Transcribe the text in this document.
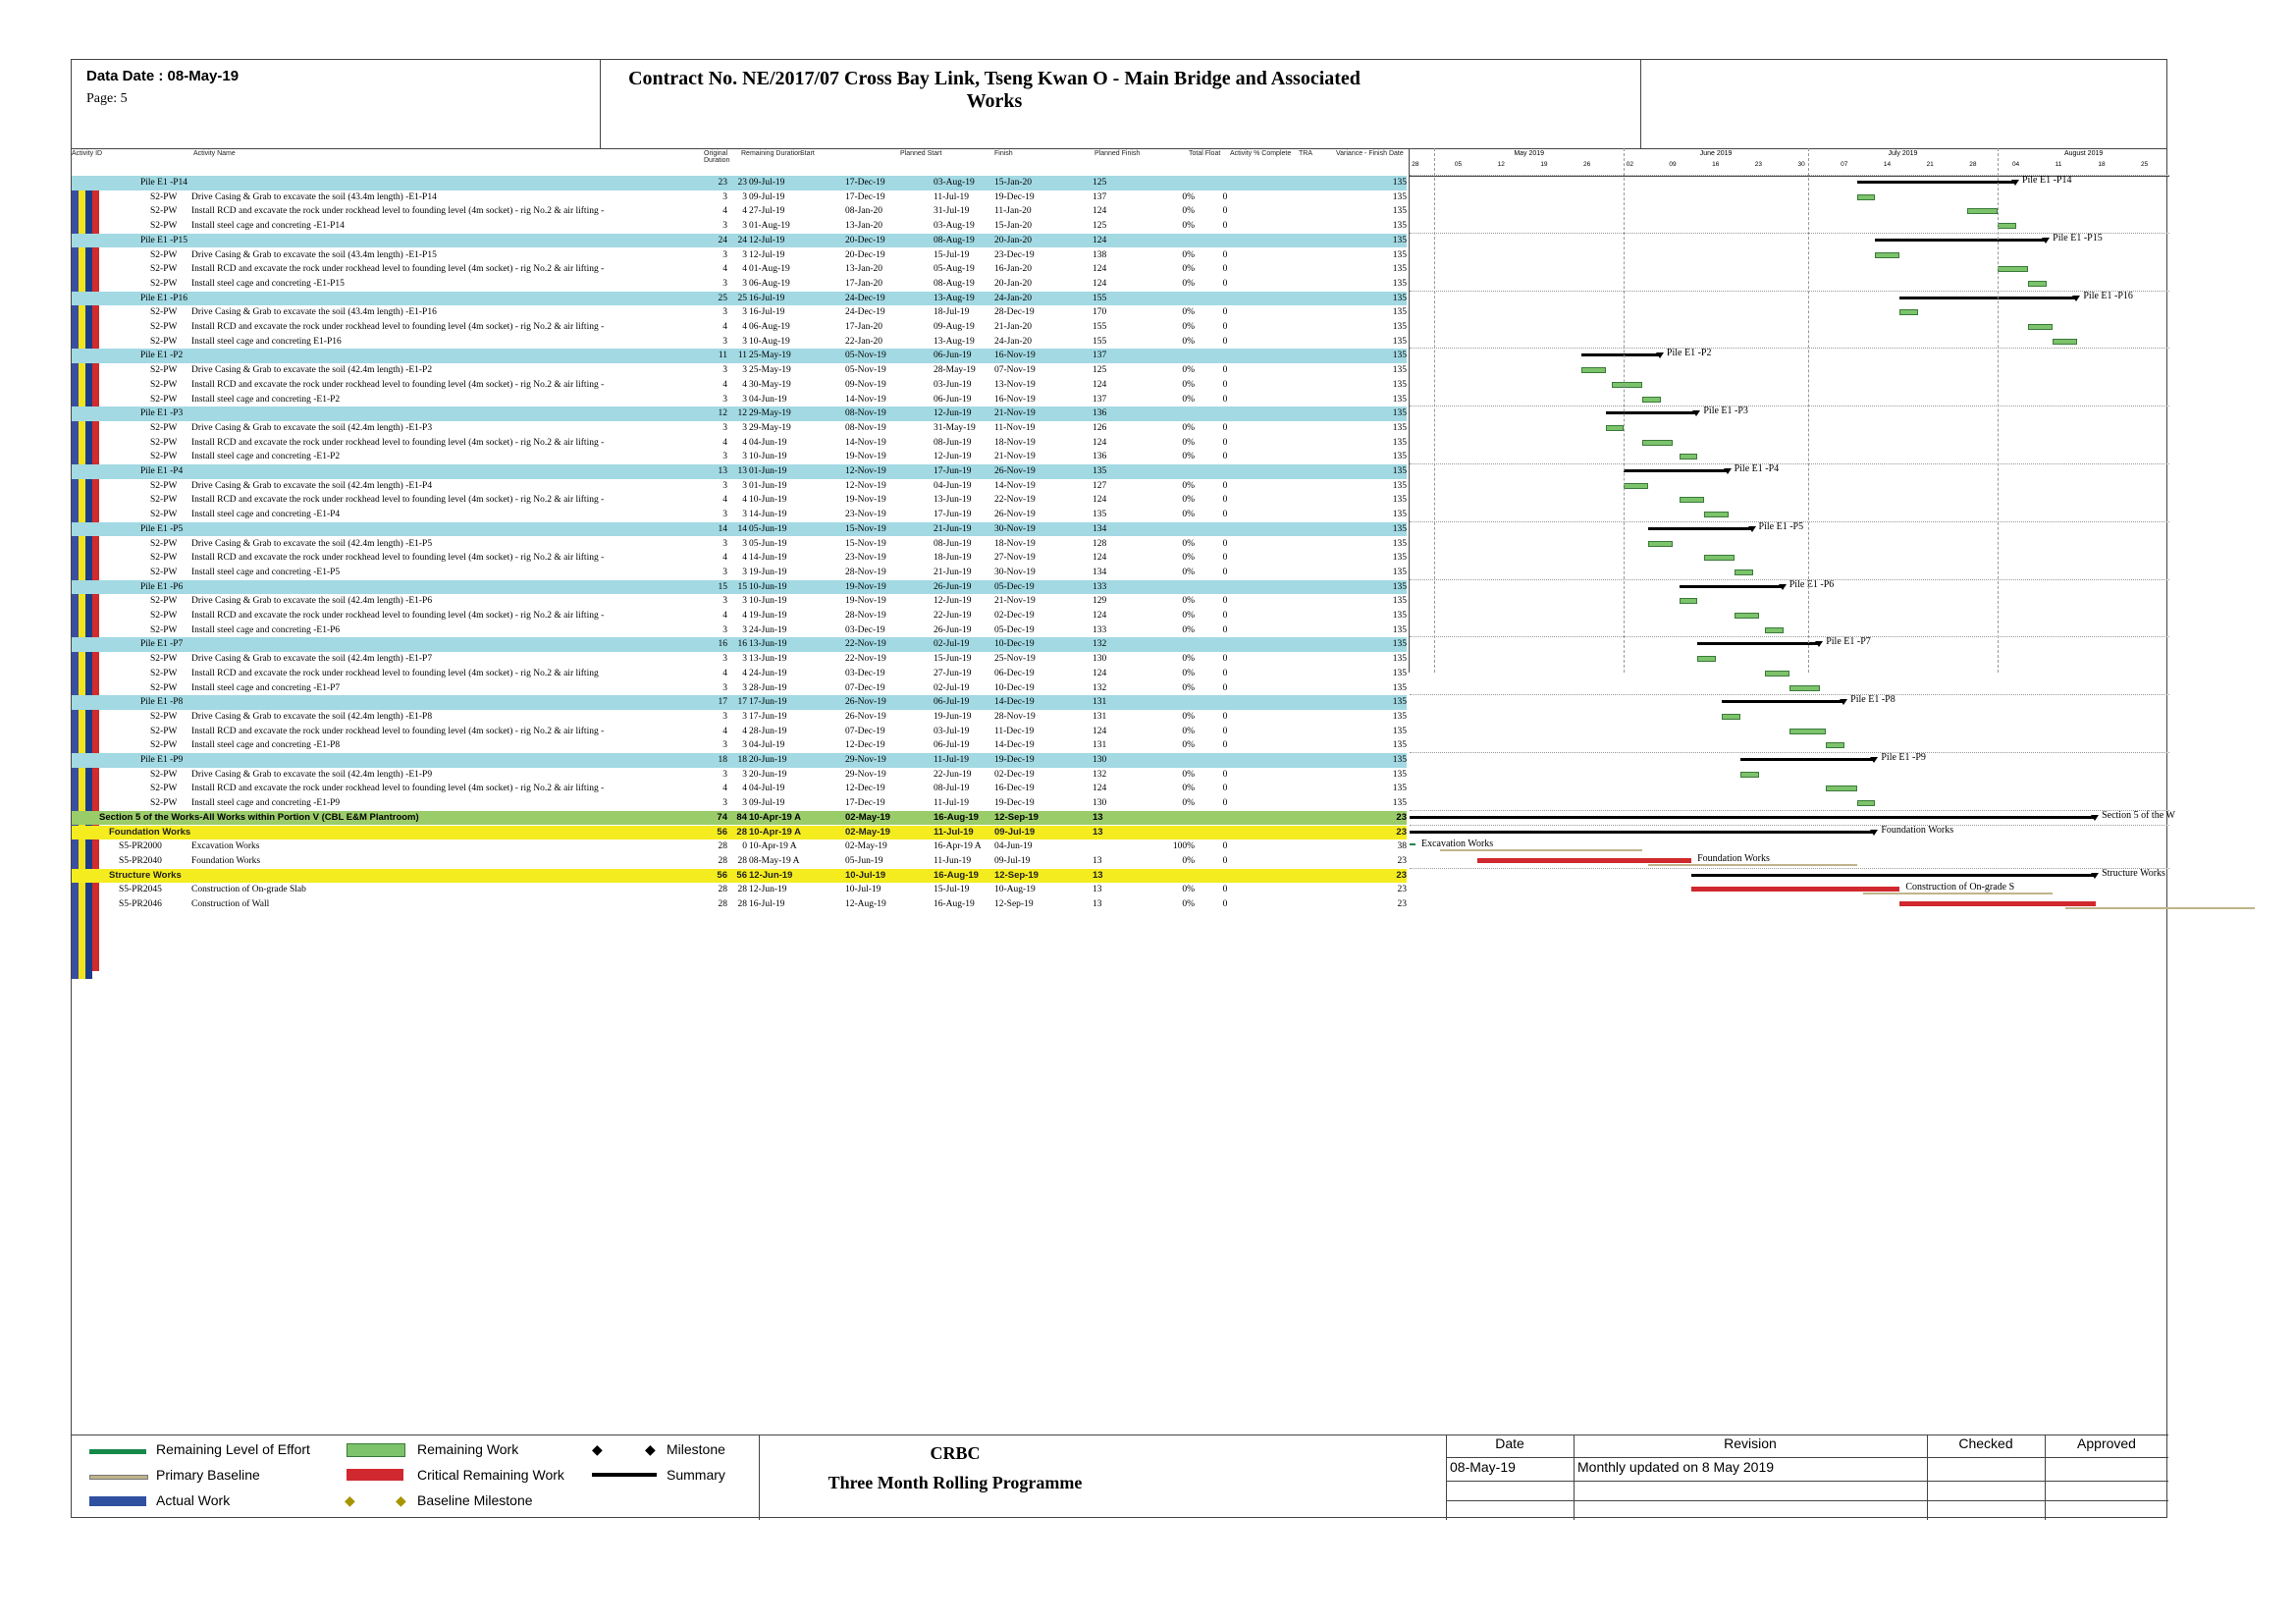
Data Date : 08-May-19
Page: 5
Contract No. NE/2017/07 Cross Bay Link, Tseng Kwan O - Main Bridge and Associated Works
Activity ID	Activity Name	Original Duration
Remaining Duration
Start	Planned Start	Finish	Planned Finish	Total Float Activity % Complete TRA	Variance - Finish Date
Pile E1 -P14	23	23 09-Jul-19	17-Dec-19	03-Aug-19	15-Jan-20	125	135
S2-PW Drive Casing & Grab to excavate the soil (43.4m length) -E1-P14	3	3 09-Jul-19	17-Dec-19	11-Jul-19	19-Dec-19	137	0%	0	135
S2-PW Install RCD and excavate the rock under rockhead level to founding level (4m socket) - rig No.2 & air lifting -	4	4 27-Jul-19	08-Jan-20	31-Jul-19	11-Jan-20	124	0%	0	135
S2-PW Install steel cage and concreting -E1-P14	3	3 01-Aug-19	13-Jan-20	03-Aug-19	15-Jan-20	125	0%	0	135
Pile E1 -P15	24	24 12-Jul-19	20-Dec-19	08-Aug-19	20-Jan-20	124	135
S2-PW Drive Casing & Grab to excavate the soil (43.4m length) -E1-P15	3	3 12-Jul-19	20-Dec-19	15-Jul-19	23-Dec-19	138	0%	0	135
S2-PW Install RCD and excavate the rock under rockhead level to founding level (4m socket) - rig No.2 & air lifting -	4	4 01-Aug-19	13-Jan-20	05-Aug-19	16-Jan-20	124	0%	0	135
S2-PW Install steel cage and concreting -E1-P15	3	3 06-Aug-19	17-Jan-20	08-Aug-19	20-Jan-20	124	0%	0	135
Pile E1 -P16	25	25 16-Jul-19	24-Dec-19	13-Aug-19	24-Jan-20	155	135
S2-PW Drive Casing & Grab to excavate the soil (43.4m length) -E1-P16	3	3 16-Jul-19	24-Dec-19	18-Jul-19	28-Dec-19	170	0%	0	135
S2-PW Install RCD and excavate the rock under rockhead level to founding level (4m socket) - rig No.2 & air lifting -	4	4 06-Aug-19	17-Jan-20	09-Aug-19	21-Jan-20	155	0%	0	135
S2-PW Install steel cage and concreting E1-P16	3	3 10-Aug-19	22-Jan-20	13-Aug-19	24-Jan-20	155	0%	0	135
Pile E1 -P2	11	11 25-May-19	05-Nov-19	06-Jun-19	16-Nov-19	137	135
S2-PW Drive Casing & Grab to excavate the soil (42.4m length) -E1-P2	3	3 25-May-19	05-Nov-19	28-May-19	07-Nov-19	125	0%	0	135
S2-PW Install RCD and excavate the rock under rockhead level to founding level (4m socket) - rig No.2 & air lifting -	4	4 30-May-19	09-Nov-19	03-Jun-19	13-Nov-19	124	0%	0	135
S2-PW Install steel cage and concreting -E1-P2	3	3 04-Jun-19	14-Nov-19	06-Jun-19	16-Nov-19	137	0%	0	135
Pile E1 -P3	12	12 29-May-19	08-Nov-19	12-Jun-19	21-Nov-19	136	135
S2-PW Drive Casing & Grab to excavate the soil (42.4m length) -E1-P3	3	3 29-May-19	08-Nov-19	31-May-19	11-Nov-19	126	0%	0	135
S2-PW Install RCD and excavate the rock under rockhead level to founding level (4m socket) - rig No.2 & air lifting -	4	4 04-Jun-19	14-Nov-19	08-Jun-19	18-Nov-19	124	0%	0	135
S2-PW Install steel cage and concreting -E1-P2	3	3 10-Jun-19	19-Nov-19	12-Jun-19	21-Nov-19	136	0%	0	135
Pile E1 -P4	13	13 01-Jun-19	12-Nov-19	17-Jun-19	26-Nov-19	135	135
S2-PW Drive Casing & Grab to excavate the soil (42.4m length) -E1-P4	3	3 01-Jun-19	12-Nov-19	04-Jun-19	14-Nov-19	127	0%	0	135
S2-PW Install RCD and excavate the rock under rockhead level to founding level (4m socket) - rig No.2 & air lifting -	4	4 10-Jun-19	19-Nov-19	13-Jun-19	22-Nov-19	124	0%	0	135
S2-PW Install steel cage and concreting -E1-P4	3	3 14-Jun-19	23-Nov-19	17-Jun-19	26-Nov-19	135	0%	0	135
Pile E1 -P5	14	14 05-Jun-19	15-Nov-19	21-Jun-19	30-Nov-19	134	135
S2-PW Drive Casing & Grab to excavate the soil (42.4m length) -E1-P5	3	3 05-Jun-19	15-Nov-19	08-Jun-19	18-Nov-19	128	0%	0	135
S2-PW Install RCD and excavate the rock under rockhead level to founding level (4m socket) - rig No.2 & air lifting -	4	4 14-Jun-19	23-Nov-19	18-Jun-19	27-Nov-19	124	0%	0	135
S2-PW Install steel cage and concreting -E1-P5	3	3 19-Jun-19	28-Nov-19	21-Jun-19	30-Nov-19	134	0%	0	135
Pile E1 -P6	15	15 10-Jun-19	19-Nov-19	26-Jun-19	05-Dec-19	133	135
S2-PW Drive Casing & Grab to excavate the soil (42.4m length) -E1-P6	3	3 10-Jun-19	19-Nov-19	12-Jun-19	21-Nov-19	129	0%	0	135
S2-PW Install RCD and excavate the rock under rockhead level to founding level (4m socket) - rig No.2 & air lifting -	4	4 19-Jun-19	28-Nov-19	22-Jun-19	02-Dec-19	124	0%	0	135
S2-PW Install steel cage and concreting -E1-P6	3	3 24-Jun-19	03-Dec-19	26-Jun-19	05-Dec-19	133	0%	0	135
Pile E1 -P7	16	16 13-Jun-19	22-Nov-19	02-Jul-19	10-Dec-19	132	135
S2-PW Drive Casing & Grab to excavate the soil (42.4m length) -E1-P7	3	3 13-Jun-19	22-Nov-19	15-Jun-19	25-Nov-19	130	0%	0	135
S2-PW Install RCD and excavate the rock under rockhead level to founding level (4m socket) - rig No.2 & air lifting	4	4 24-Jun-19	03-Dec-19	27-Jun-19	06-Dec-19	124	0%	0	135
S2-PW Install steel cage and concreting -E1-P7	3	3 28-Jun-19	07-Dec-19	02-Jul-19	10-Dec-19	132	0%	0	135
Pile E1 -P8	17	17 17-Jun-19	26-Nov-19	06-Jul-19	14-Dec-19	131	135
S2-PW Drive Casing & Grab to excavate the soil (42.4m length) -E1-P8	3	3 17-Jun-19	26-Nov-19	19-Jun-19	28-Nov-19	131	0%	0	135
S2-PW Install RCD and excavate the rock under rockhead level to founding level (4m socket) - rig No.2 & air lifting -	4	4 28-Jun-19	07-Dec-19	03-Jul-19	11-Dec-19	124	0%	0	135
S2-PW Install steel cage and concreting -E1-P8	3	3 04-Jul-19	12-Dec-19	06-Jul-19	14-Dec-19	131	0%	0	135
Pile E1 -P9	18	18 20-Jun-19	29-Nov-19	11-Jul-19	19-Dec-19	130	135
S2-PW Drive Casing & Grab to excavate the soil (42.4m length) -E1-P9	3	3 20-Jun-19	29-Nov-19	22-Jun-19	02-Dec-19	132	0%	0	135
S2-PW Install RCD and excavate the rock under rockhead level to founding level (4m socket) - rig No.2 & air lifting -	4	4 04-Jul-19	12-Dec-19	08-Jul-19	16-Dec-19	124	0%	0	135
S2-PW Install steel cage and concreting -E1-P9	3	3 09-Jul-19	17-Dec-19	11-Jul-19	19-Dec-19	130	0%	0	135
Section 5 of the Works-All Works within Portion V (CBL E&M Plantroom)	74 84 10-Apr-19 A	02-May-19	16-Aug-19	12-Sep-19	13	23
Foundation Works	56 28 10-Apr-19 A	02-May-19	11-Jul-19	09-Jul-19	13	23
S5-PR2000	Excavation Works	28	0 10-Apr-19 A	02-May-19	16-Apr-19 A	04-Jun-19	100%	0	38
S5-PR2040	Foundation Works	28	28 08-May-19 A	05-Jun-19	11-Jun-19	09-Jul-19	13	0%	0	23
Structure Works	56 56 12-Jun-19	10-Jul-19	16-Aug-19	12-Sep-19	13	23
S5-PR2045	Construction of On-grade Slab	28	28 12-Jun-19	10-Jul-19	15-Jul-19	10-Aug-19	13	0%	0	23
S5-PR2046	Construction of Wall	28	28 16-Jul-19	12-Aug-19	16-Aug-19	12-Sep-19	13	0%	0	23
Pile E1 -P14
Pile E1 -P15
Pile E1 -P16
Pile E1 -P2
Pile E1 -P3
Pile E1 -P4
Pile E1 -P5
Pile E1 -P6
Pile E1 -P7
Pile E1 -P8
Pile E1 -P9
Section 5 of the W
Foundation Works
Excavation Works
Foundation Works
Structure Works
Construction of On-grade S
May 2019	June 2019	July 2019	August 2019
28	05	12	19	26	02	09	16	23	30	07	14	21	28	04	11	18	25
Remaining Level of Effort
Primary Baseline
Actual Work
Remaining Work
Critical Remaining Work
◆	◆ Baseline Milestone
◆	◆ Milestone
Summary
CRBC
Three Month Rolling Programme
Date	Revision	Checked	Approved
08-May-19	Monthly updated on 8 May 2019
